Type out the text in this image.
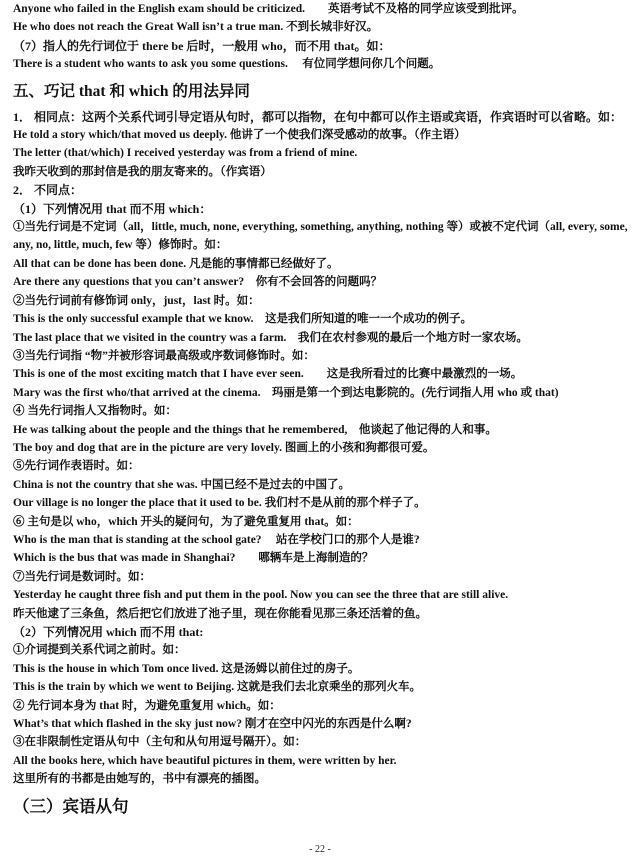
Anyone who failed in the English exam should be criticized.　　英语考试不及格的同学应该受到批评。
He who does not reach the Great Wall isn’t a true man. 不到长城非好汉。
（7）指人的先行词位于 there be 后时，一般用 who，而不用 that。如：
There is a student who wants to ask you some questions.　 有位同学想问你几个问题。
五、巧记 that 和 which 的用法异同
1． 相同点：这两个关系代词引导定语从句时，都可以指物，在句中都可以作主语或宾语，作宾语时可以省略。如：
He told a story which/that moved us deeply. 他讲了一个使我们深受感动的故事。（作主语）
The letter (that/which) I received yesterday was from a friend of mine.
我昨天收到的那封信是我的朋友寄来的。（作宾语）
2． 不同点：
（1）下列情况用 that 而不用 which：
①当先行词是不定词（all，little, much, none, everything, something, anything, nothing 等）或被不定代词（all, every, some, any, no, little, much, few 等）修饰时。如：
All that can be done has been done. 凡是能的事情都已经做好了。
Are there any questions that you can’t answer?　你有不会回答的问题吗？
②当先行词前有修饰词 only，just，last 时。如：
This is the only successful example that we know.　这是我们所知道的唯一一个成功的例子。
The last place that we visited in the country was a farm.　我们在农村参观的最后一个地方时一家农场。
③当先行词指 “物”并被形容词最高级或序数词修饰时。如：
This is one of the most exciting match that I have ever seen.　　这是我所看过的比赛中最激烈的一场。
Mary was the first who/that arrived at the cinema.　玛丽是第一个到达电影院的。(先行词指人用 who 或 that)
④ 当先行词指人又指物时。如：
He was talking about the people and the things that he remembered,　他谈起了他记得的人和事。
The boy and dog that are in the picture are very lovely. 图画上的小孩和狗都很可爱。
⑤先行词作表语时。如：
China is not the country that she was. 中国已经不是过去的中国了。
Our village is no longer the place that it used to be. 我们村不是从前的那个样子了。
⑥ 主句是以 who，which 开头的疑问句，为了避免重复用 that。如：
Who is the man that is standing at the school gate?　 站在学校门口的那个人是谁?
Which is the bus that was made in Shanghai?　　哪辆车是上海制造的？
⑦当先行词是数词时。如：
Yesterday he caught three fish and put them in the pool. Now you can see the three that are still alive.
昨天他逮了三条鱼，然后把它们放进了池子里，现在你能看见那三条还活着的鱼。
（2）下列情况用 which 而不用 that:
①介词提到关系代词之前时。如：
This is the house in which Tom once lived. 这是汤姆以前住过的房子。
This is the train by which we went to Beijing. 这就是我们去北京乘坐的那列火车。
② 先行词本身为 that 时，为避免重复用 which。如：
What’s that which flashed in the sky just now? 刚才在空中闪光的东西是什么啊?
③在非限制性定语从句中（主句和从句用逗号隔开）。如：
All the books here, which have beautiful pictures in them, were written by her.
这里所有的书都是由她写的，书中有漂亮的插图。
（三）宾语从句
- 22 -
